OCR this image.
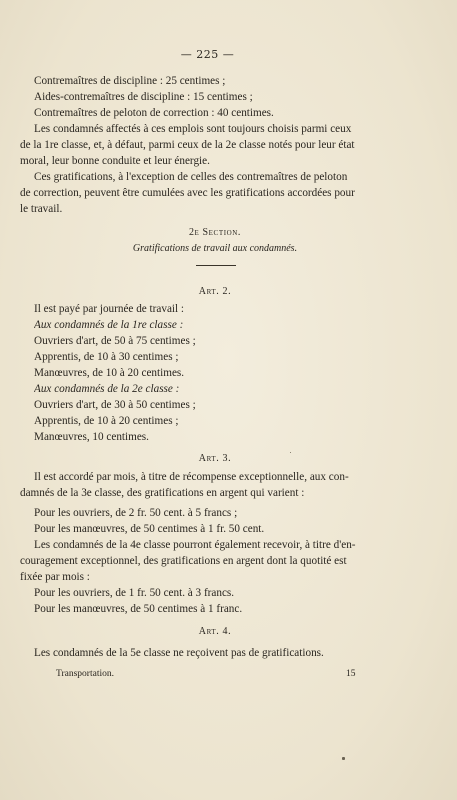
— 225 —
Contremaîtres de discipline : 25 centimes ;
Aides-contremaîtres de discipline : 15 centimes ;
Contremaîtres de peloton de correction : 40 centimes.
Les condamnés affectés à ces emplois sont toujours choisis parmi ceux
de la 1re classe, et, à défaut, parmi ceux de la 2e classe notés pour leur état
moral, leur bonne conduite et leur énergie.
Ces gratifications, à l'exception de celles des contremaîtres de peloton
de correction, peuvent être cumulées avec les gratifications accordées pour
le travail.
2e Section.
Gratifications de travail aux condamnés.
Art. 2.
Il est payé par journée de travail :
Aux condamnés de la 1re classe :
Ouvriers d'art, de 50 à 75 centimes ;
Apprentis, de 10 à 30 centimes ;
Manœuvres, de 10 à 20 centimes.
Aux condamnés de la 2e classe :
Ouvriers d'art, de 30 à 50 centimes ;
Apprentis, de 10 à 20 centimes ;
Manœuvres, 10 centimes.
Art. 3.
Il est accordé par mois, à titre de récompense exceptionnelle, aux con-
damnés de la 3e classe, des gratifications en argent qui varient :
Pour les ouvriers, de 2 fr. 50 cent. à 5 francs ;
Pour les manœuvres, de 50 centimes à 1 fr. 50 cent.
Les condamnés de la 4e classe pourront également recevoir, à titre d'en-
couragement exceptionnel, des gratifications en argent dont la quotité est
fixée par mois :
Pour les ouvriers, de 1 fr. 50 cent. à 3 francs.
Pour les manœuvres, de 50 centimes à 1 franc.
Art. 4.
Les condamnés de la 5e classe ne reçoivent pas de gratifications.
Transportation.	15
